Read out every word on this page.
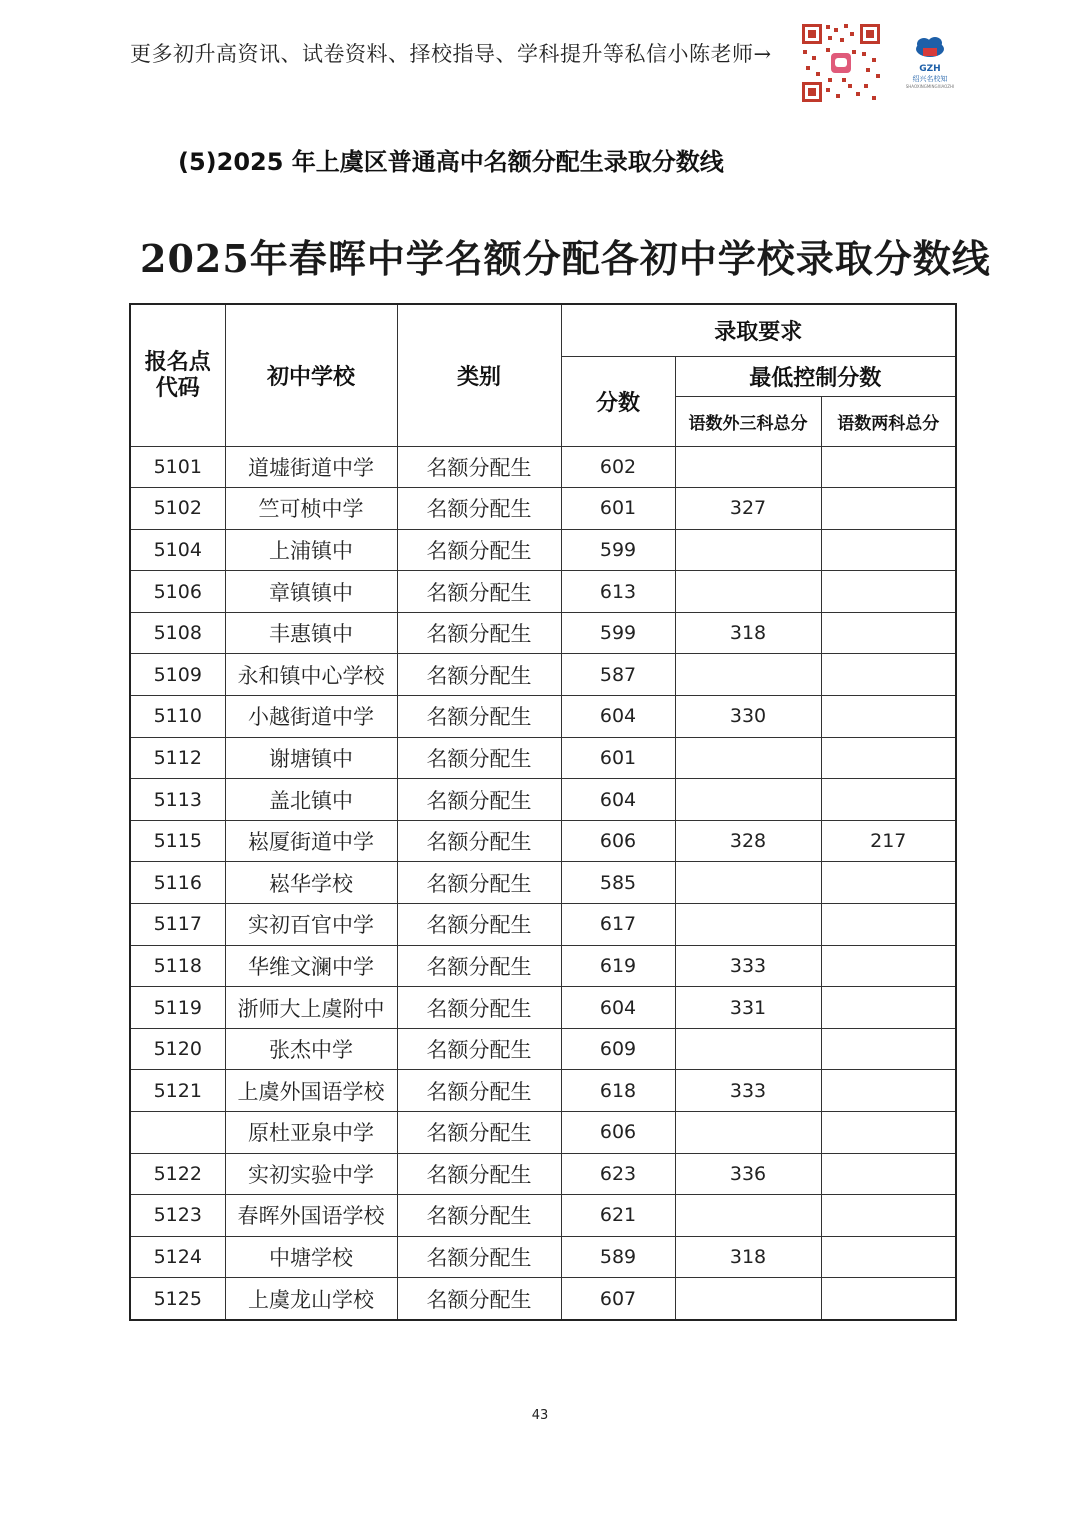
更多初升高资讯、试卷资料、择校指导、学科提升等私信小陈老师→
GZH
绍兴名校知
SHAOXINGMINGXIAOZHI
(5)2025 年上虞区普通高中名额分配生录取分数线
2025年春晖中学名额分配各初中学校录取分数线
报名点代码	初中学校	类别	录取要求		
			分数	最低控制分数	
				语数外三科总分	语数两科总分
5101	道墟街道中学	名额分配生	602		
5102	竺可桢中学	名额分配生	601	327	
5104	上浦镇中	名额分配生	599		
5106	章镇镇中	名额分配生	613		
5108	丰惠镇中	名额分配生	599	318	
5109	永和镇中心学校	名额分配生	587		
5110	小越街道中学	名额分配生	604	330	
5112	谢塘镇中	名额分配生	601		
5113	盖北镇中	名额分配生	604		
5115	崧厦街道中学	名额分配生	606	328	217
5116	崧华学校	名额分配生	585		
5117	实初百官中学	名额分配生	617		
5118	华维文澜中学	名额分配生	619	333	
5119	浙师大上虞附中	名额分配生	604	331	
5120	张杰中学	名额分配生	609		
5121	上虞外国语学校	名额分配生	618	333	
	原杜亚泉中学	名额分配生	606		
5122	实初实验中学	名额分配生	623	336	
5123	春晖外国语学校	名额分配生	621		
5124	中塘学校	名额分配生	589	318	
5125	上虞龙山学校	名额分配生	607		
43
